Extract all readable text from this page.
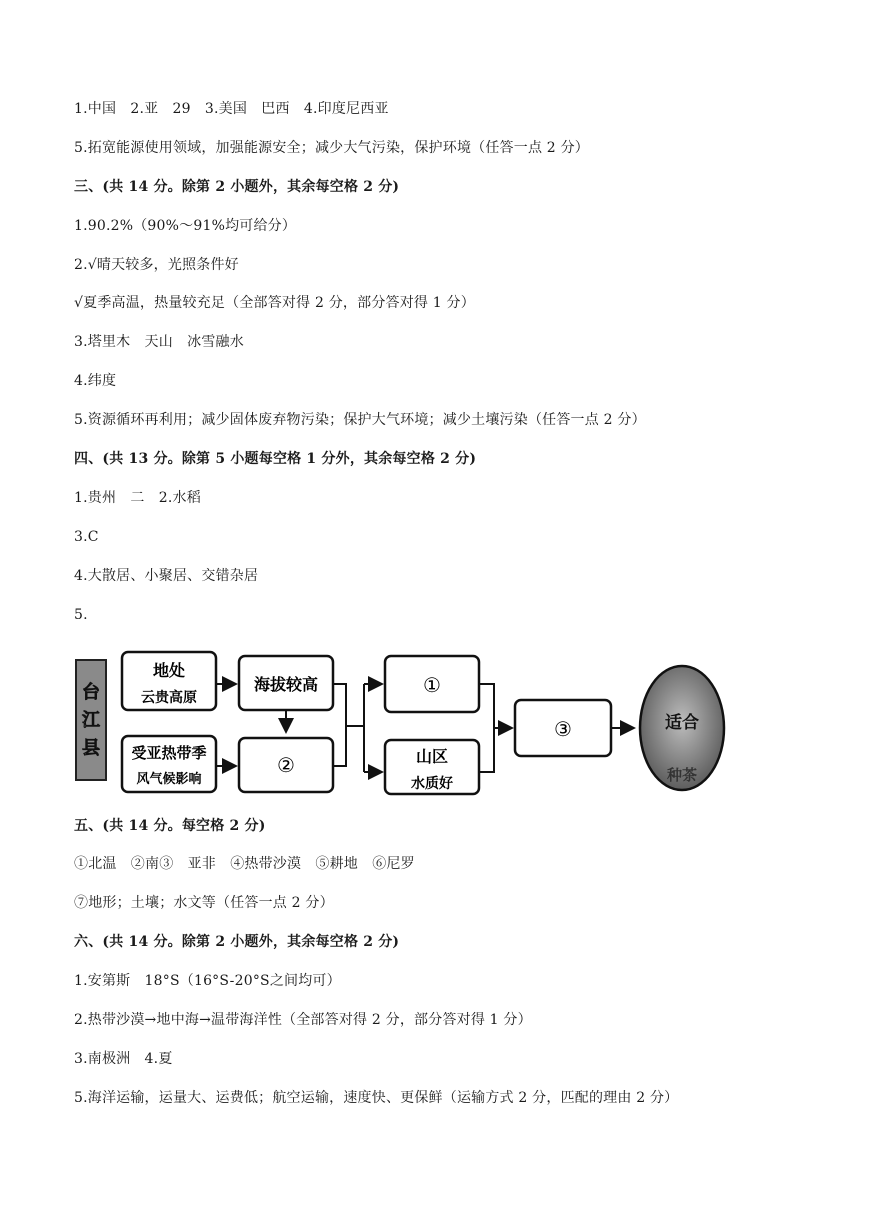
1.中国　2.亚　29　3.美国　巴西　4.印度尼西亚
5.拓宽能源使用领域，加强能源安全；减少大气污染，保护环境（任答一点 2 分）
三、(共 14 分。除第 2 小题外，其余每空格 2 分)
1.90.2%（90%～91%均可给分）
2.√晴天较多，光照条件好
√夏季高温，热量较充足（全部答对得 2 分，部分答对得 1 分）
3.塔里木　天山　冰雪融水
4.纬度
5.资源循环再利用；减少固体废弃物污染；保护大气环境；减少土壤污染（任答一点 2 分）
四、(共 13 分。除第 5 小题每空格 1 分外，其余每空格 2 分)
1.贵州　二　2.水稻
3.C
4.大散居、小聚居、交错杂居
5.
台
江
县
地处
云贵高原
受亚热带季
风气候影响
海拔较高
②
①
山区
水质好
③	适合
种茶
五、(共 14 分。每空格 2 分)
①北温　②南③　亚非　④热带沙漠　⑤耕地　⑥尼罗
⑦地形；土壤；水文等（任答一点 2 分）
六、(共 14 分。除第 2 小题外，其余每空格 2 分)
1.安第斯　18°S（16°S-20°S之间均可）
2.热带沙漠→地中海→温带海洋性（全部答对得 2 分，部分答对得 1 分）
3.南极洲　4.夏
5.海洋运输，运量大、运费低；航空运输，速度快、更保鲜（运输方式 2 分，匹配的理由 2 分）
